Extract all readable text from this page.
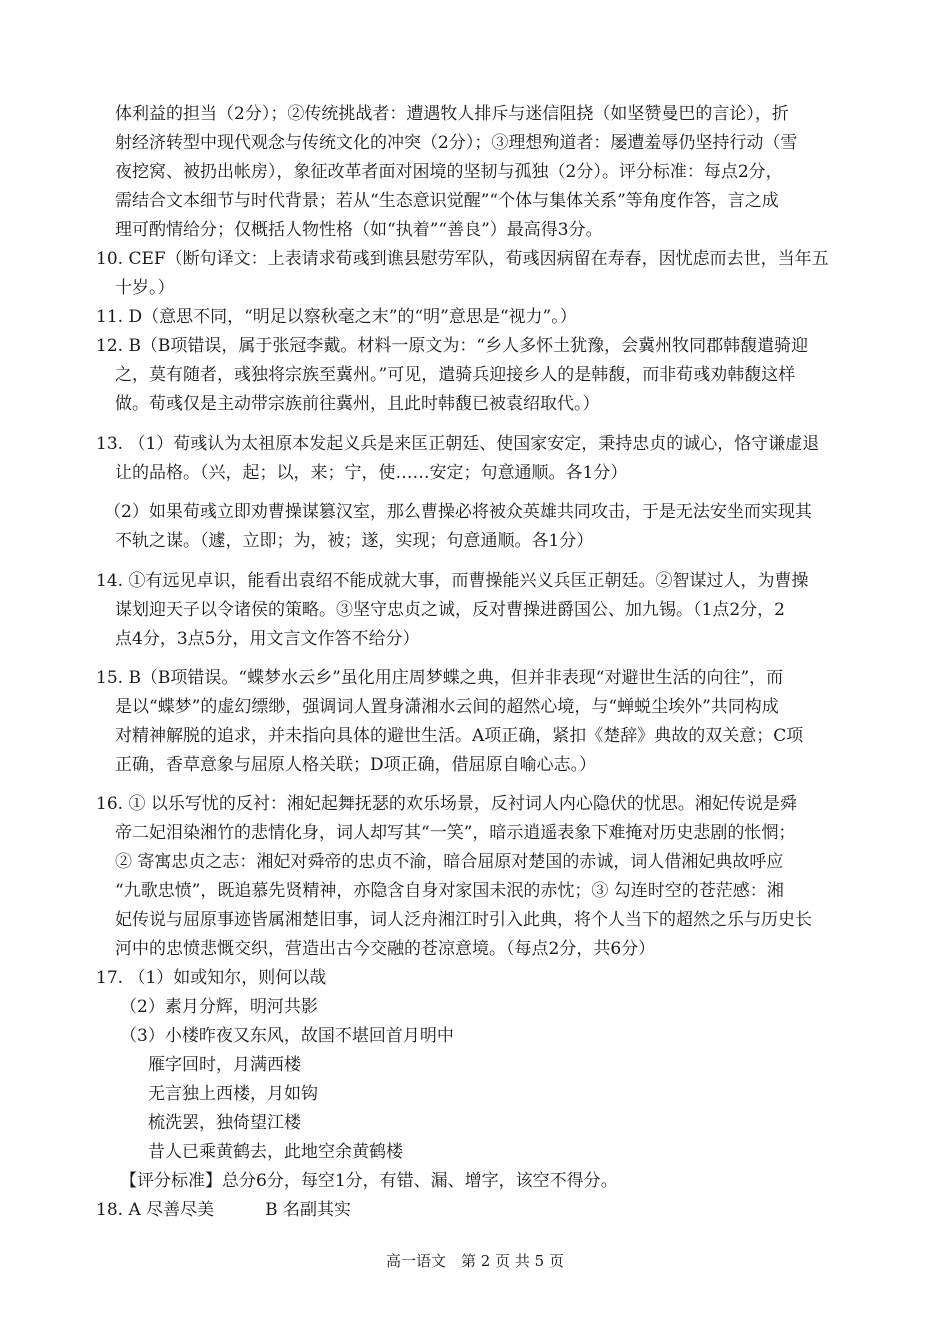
体利益的担当（2分）；②传统挑战者：遭遇牧人排斥与迷信阻挠（如坚赞曼巴的言论），折
射经济转型中现代观念与传统文化的冲突（2分）；③理想殉道者：屡遭羞辱仍坚持行动（雪
夜挖窝、被扔出帐房），象征改革者面对困境的坚韧与孤独（2分）。评分标准：每点2分，
需结合文本细节与时代背景；若从“生态意识觉醒”“个体与集体关系”等角度作答，言之成
理可酌情给分；仅概括人物性格（如“执着”“善良”）最高得3分。
10. CEF（断句译文：上表请求荀彧到谯县慰劳军队，荀彧因病留在寿春，因忧虑而去世，当年五
十岁。）
11. D（意思不同，“明足以察秋毫之末”的“明”意思是“视力”。）
12. B（B项错误，属于张冠李戴。材料一原文为：“乡人多怀土犹豫，会冀州牧同郡韩馥遣骑迎
之，莫有随者，彧独将宗族至冀州。”可见，遣骑兵迎接乡人的是韩馥，而非荀彧劝韩馥这样
做。荀彧仅是主动带宗族前往冀州，且此时韩馥已被袁绍取代。）
13. （1）荀彧认为太祖原本发起义兵是来匡正朝廷、使国家安定，秉持忠贞的诚心，恪守谦虚退
让的品格。（兴，起；以，来；宁，使……安定；句意通顺。各1分）
（2）如果荀彧立即劝曹操谋篡汉室，那么曹操必将被众英雄共同攻击，于是无法安坐而实现其
不轨之谋。（遽，立即；为，被；遂，实现；句意通顺。各1分）
14. ①有远见卓识，能看出袁绍不能成就大事，而曹操能兴义兵匡正朝廷。②智谋过人，为曹操
谋划迎天子以令诸侯的策略。③坚守忠贞之诚，反对曹操进爵国公、加九锡。（1点2分，2
点4分，3点5分，用文言文作答不给分）
15. B（B项错误。“蝶梦水云乡”虽化用庄周梦蝶之典，但并非表现“对避世生活的向往”，而
是以“蝶梦”的虚幻缥缈，强调词人置身潇湘水云间的超然心境，与“蝉蜕尘埃外”共同构成
对精神解脱的追求，并未指向具体的避世生活。A项正确，紧扣《楚辞》典故的双关意；C项
正确，香草意象与屈原人格关联；D项正确，借屈原自喻心志。）
16. ① 以乐写忧的反衬：湘妃起舞抚瑟的欢乐场景，反衬词人内心隐伏的忧思。湘妃传说是舜
帝二妃泪染湘竹的悲情化身，词人却写其“一笑”，暗示逍遥表象下难掩对历史悲剧的怅惘；
② 寄寓忠贞之志：湘妃对舜帝的忠贞不渝，暗合屈原对楚国的赤诚，词人借湘妃典故呼应
“九歌忠愤”，既追慕先贤精神，亦隐含自身对家国未泯的赤忱；③ 勾连时空的苍茫感：湘
妃传说与屈原事迹皆属湘楚旧事，词人泛舟湘江时引入此典，将个人当下的超然之乐与历史长
河中的忠愤悲慨交织，营造出古今交融的苍凉意境。（每点2分，共6分）
17. （1）如或知尔，则何以哉
（2）素月分辉，明河共影
（3）小楼昨夜又东风，故国不堪回首月明中
雁字回时，月满西楼
无言独上西楼，月如钩
梳洗罢，独倚望江楼
昔人已乘黄鹤去，此地空余黄鹤楼
【评分标准】总分6分，每空1分，有错、漏、增字，该空不得分。
18. A 尽善尽美　　　B 名副其实
高一语文　第 2 页 共 5 页
